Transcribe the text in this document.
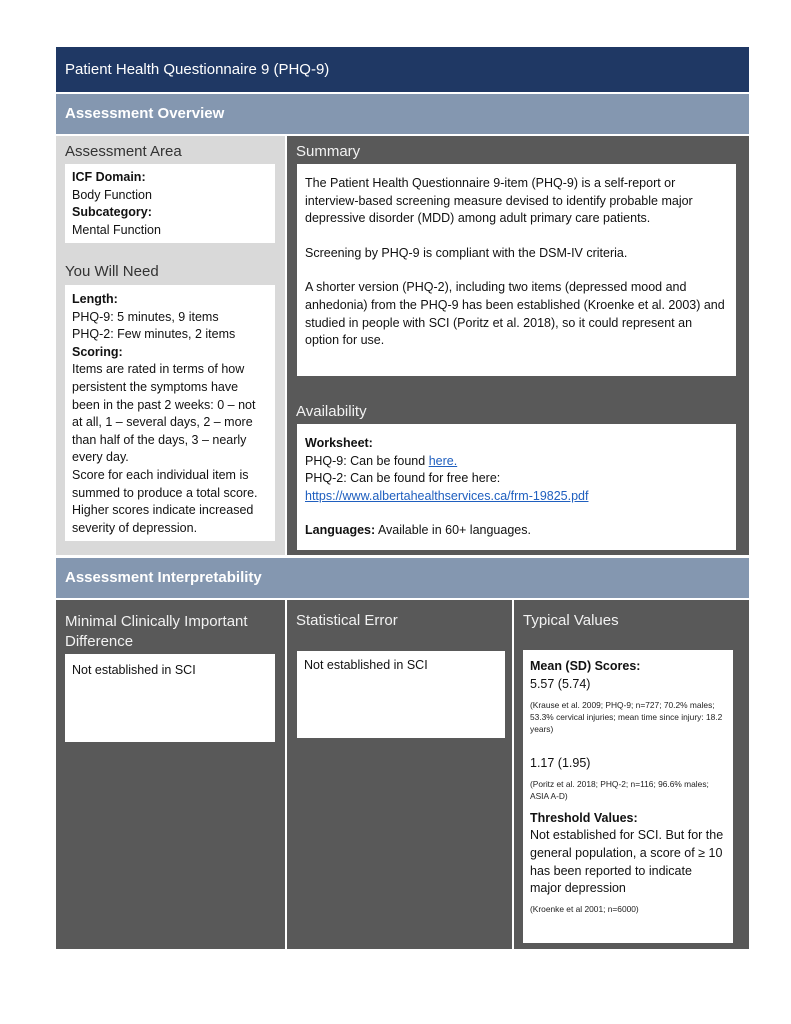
Patient Health Questionnaire 9 (PHQ-9)
Assessment Overview
Assessment Area
ICF Domain:
Body Function
Subcategory:
Mental Function
You Will Need
Length:
PHQ-9: 5 minutes, 9 items
PHQ-2: Few minutes, 2 items
Scoring:
Items are rated in terms of how persistent the symptoms have been in the past 2 weeks: 0 – not at all, 1 – several days, 2 – more than half of the days, 3 – nearly every day.
Score for each individual item is summed to produce a total score. Higher scores indicate increased severity of depression.
Summary
The Patient Health Questionnaire 9-item (PHQ-9) is a self-report or interview-based screening measure devised to identify probable major depressive disorder (MDD) among adult primary care patients.
Screening by PHQ-9 is compliant with the DSM-IV criteria.
A shorter version (PHQ-2), including two items (depressed mood and anhedonia) from the PHQ-9 has been established (Kroenke et al. 2003) and studied in people with SCI (Poritz et al. 2018), so it could represent an option for use.
Availability
Worksheet:
PHQ-9: Can be found here.
PHQ-2: Can be found for free here:
https://www.albertahealthservices.ca/frm-19825.pdf
Languages: Available in 60+ languages.
Assessment Interpretability
Minimal Clinically Important Difference
Not established in SCI
Statistical Error
Not established in SCI
Typical Values
Mean (SD) Scores:
5.57 (5.74)
(Krause et al. 2009; PHQ-9; n=727; 70.2% males; 53.3% cervical injuries; mean time since injury: 18.2 years)
1.17 (1.95)
(Poritz et al. 2018; PHQ-2; n=116; 96.6% males; ASIA A-D)
Threshold Values:
Not established for SCI. But for the general population, a score of ≥ 10 has been reported to indicate major depression
(Kroenke et al 2001; n=6000)
